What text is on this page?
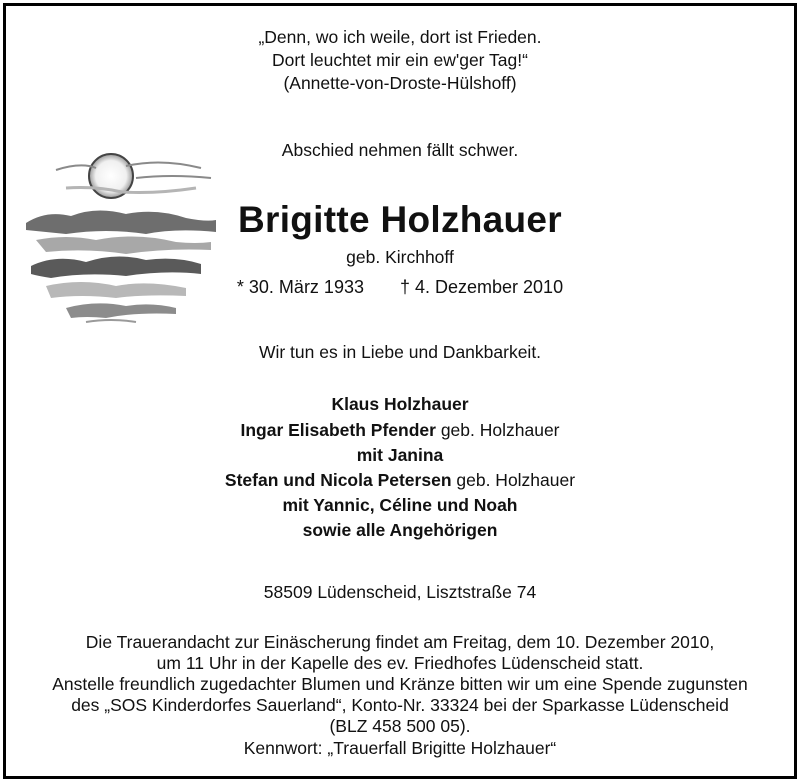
„Denn, wo ich weile, dort ist Frieden.
Dort leuchtet mir ein ew'ger Tag!“
(Annette-von-Droste-Hülshoff)
Abschied nehmen fällt schwer.
Brigitte Holzhauer
geb. Kirchhoff
* 30. März 1933 † 4. Dezember 2010
Wir tun es in Liebe und Dankbarkeit.
Klaus Holzhauer
Ingar Elisabeth Pfender geb. Holzhauer
mit Janina
Stefan und Nicola Petersen geb. Holzhauer
mit Yannic, Céline und Noah
sowie alle Angehörigen
58509 Lüdenscheid, Lisztstraße 74
Die Trauerandacht zur Einäscherung findet am Freitag, dem 10. Dezember 2010,
um 11 Uhr in der Kapelle des ev. Friedhofes Lüdenscheid statt.
Anstelle freundlich zugedachter Blumen und Kränze bitten wir um eine Spende zugunsten
des „SOS Kinderdorfes Sauerland“, Konto-Nr. 33324 bei der Sparkasse Lüdenscheid
(BLZ 458 500 05).
Kennwort: „Trauerfall Brigitte Holzhauer“
